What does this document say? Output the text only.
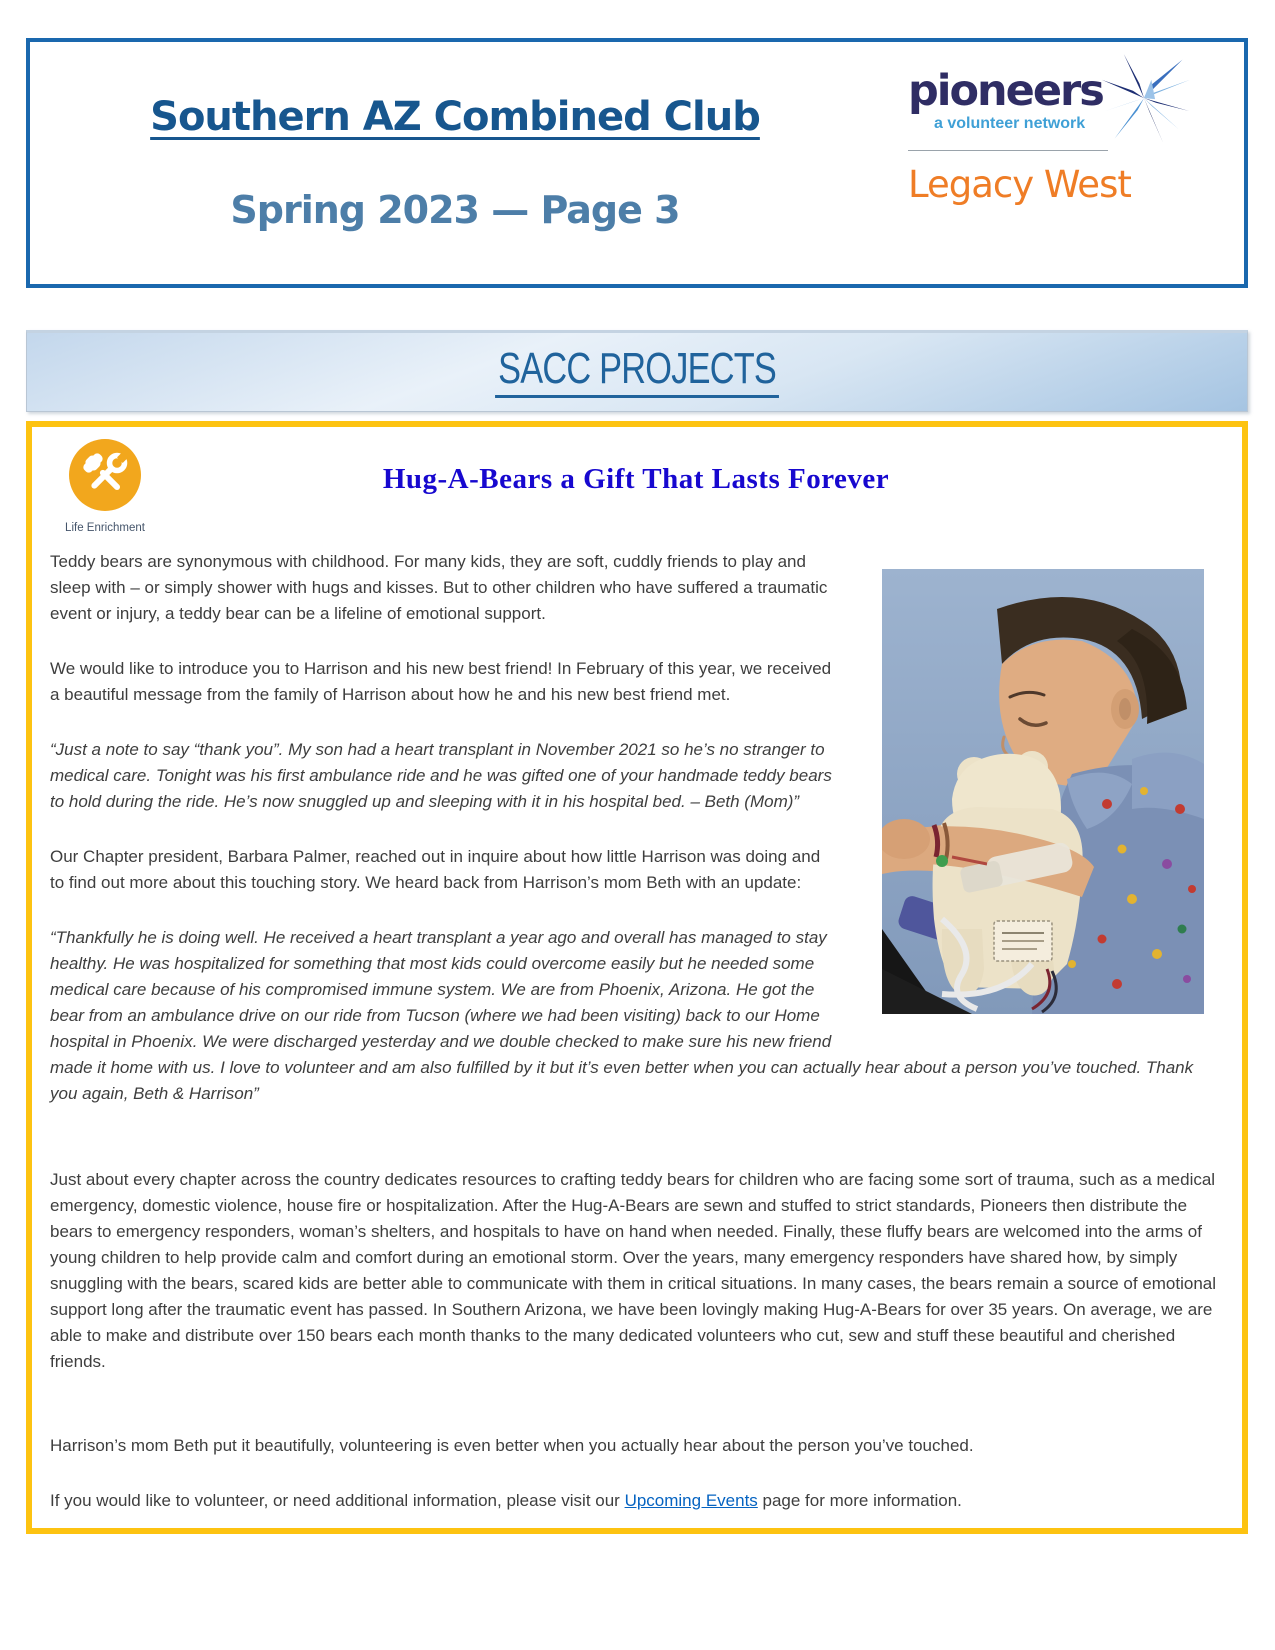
Southern AZ Combined Club
Spring 2023 — Page 3
pioneers
a volunteer network
Legacy West
SACC PROJECTS
Life Enrichment
Hug-A-Bears a Gift That Lasts Forever

Teddy bears are synonymous with childhood. For many kids, they are soft, cuddly friends to play and sleep with – or simply shower with hugs and kisses. But to other children who have suffered a traumatic event or injury, a teddy bear can be a lifeline of emotional support.

We would like to introduce you to Harrison and his new best friend! In February of this year, we received a beautiful message from the family of Harrison about how he and his new best friend met.

“Just a note to say “thank you”. My son had a heart transplant in November 2021 so he’s no stranger to medical care. Tonight was his first ambulance ride and he was gifted one of your handmade teddy bears to hold during the ride. He’s now snuggled up and sleeping with it in his hospital bed. – Beth (Mom)”

Our Chapter president, Barbara Palmer, reached out in inquire about how little Harrison was doing and to find out more about this touching story. We heard back from Harrison’s mom Beth with an update:

“Thankfully he is doing well. He received a heart transplant a year ago and overall has managed to stay healthy. He was hospitalized for something that most kids could overcome easily but he needed some medical care because of his compromised immune system. We are from Phoenix, Arizona. He got the bear from an ambulance drive on our ride from Tucson (where we had been visiting) back to our Home hospital in Phoenix. We were discharged yesterday and we double checked to make sure his new friend made it home with us. I love to volunteer and am also fulfilled by it but it’s even better when you can actually hear about a person you’ve touched. Thank you again, Beth & Harrison”

Just about every chapter across the country dedicates resources to crafting teddy bears for children who are facing some sort of trauma, such as a medical emergency, domestic violence, house fire or hospitalization. After the Hug-A-Bears are sewn and stuffed to strict standards, Pioneers then distribute the bears to emergency responders, woman’s shelters, and hospitals to have on hand when needed. Finally, these fluffy bears are welcomed into the arms of young children to help provide calm and comfort during an emotional storm. Over the years, many emergency responders have shared how, by simply snuggling with the bears, scared kids are better able to communicate with them in critical situations. In many cases, the bears remain a source of emotional support long after the traumatic event has passed. In Southern Arizona, we have been lovingly making Hug-A-Bears for over 35 years. On average, we are able to make and distribute over 150 bears each month thanks to the many dedicated volunteers who cut, sew and stuff these beautiful and cherished friends.

Harrison’s mom Beth put it beautifully, volunteering is even better when you actually hear about the person you’ve touched.

If you would like to volunteer, or need additional information, please visit our Upcoming Events page for more information.
